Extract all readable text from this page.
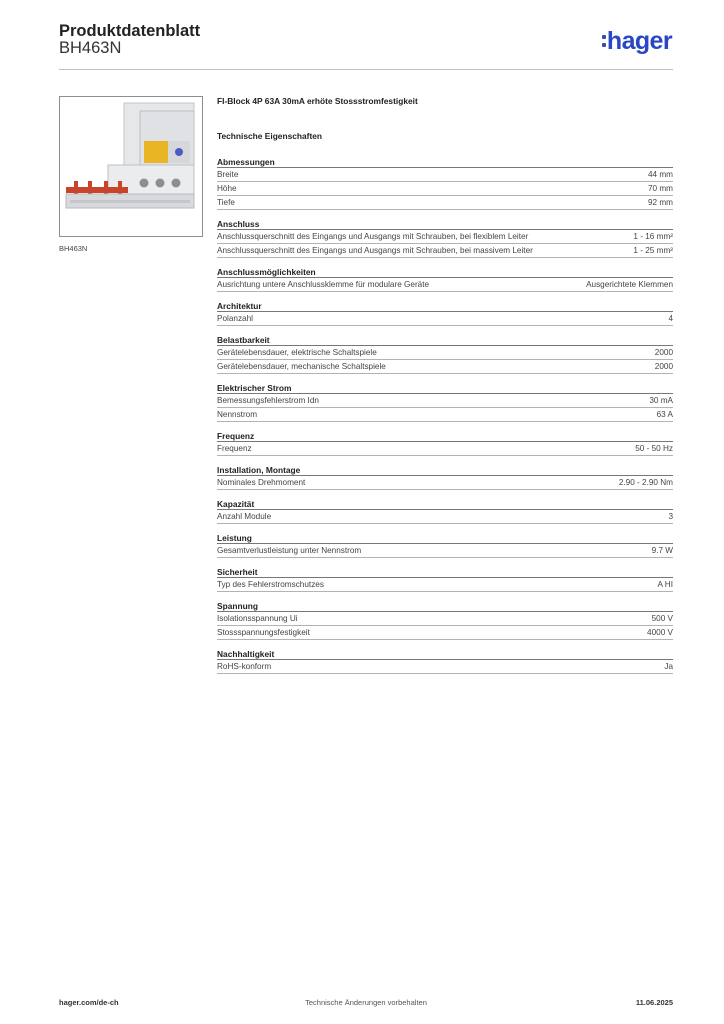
Produktdatenblatt
BH463N	hager
BH463N
FI-Block 4P 63A 30mA erhöte Stossstromfestigkeit
Technische Eigenschaften
Abmessungen
Breite	44 mm
Höhe	70 mm
Tiefe	92 mm
Anschluss
Anschlussquerschnitt des Eingangs und Ausgangs mit Schrauben, bei flexiblem Leiter	1 - 16 mm²
Anschlussquerschnitt des Eingangs und Ausgangs mit Schrauben, bei massivem Leiter	1 - 25 mm²
Anschlussmöglichkeiten
Ausrichtung untere Anschlussklemme für modulare Geräte	Ausgerichtete Klemmen
Architektur
Polanzahl	4
Belastbarkeit
Gerätelebensdauer, elektrische Schaltspiele	2000
Gerätelebensdauer, mechanische Schaltspiele	2000
Elektrischer Strom
Bemessungsfehlerstrom Idn	30 mA
Nennstrom	63 A
Frequenz
Frequenz	50 - 50 Hz
Installation, Montage
Nominales Drehmoment	2.90 - 2.90 Nm
Kapazität
Anzahl Module	3
Leistung
Gesamtverlustleistung unter Nennstrom	9.7 W
Sicherheit
Typ des Fehlerstromschutzes	A HI
Spannung
Isolationsspannung Ui	500 V
Stossspannungsfestigkeit	4000 V
Nachhaltigkeit
RoHS-konform	Ja
hager.com/de-ch	Technische Änderungen vorbehalten	11.06.2025
